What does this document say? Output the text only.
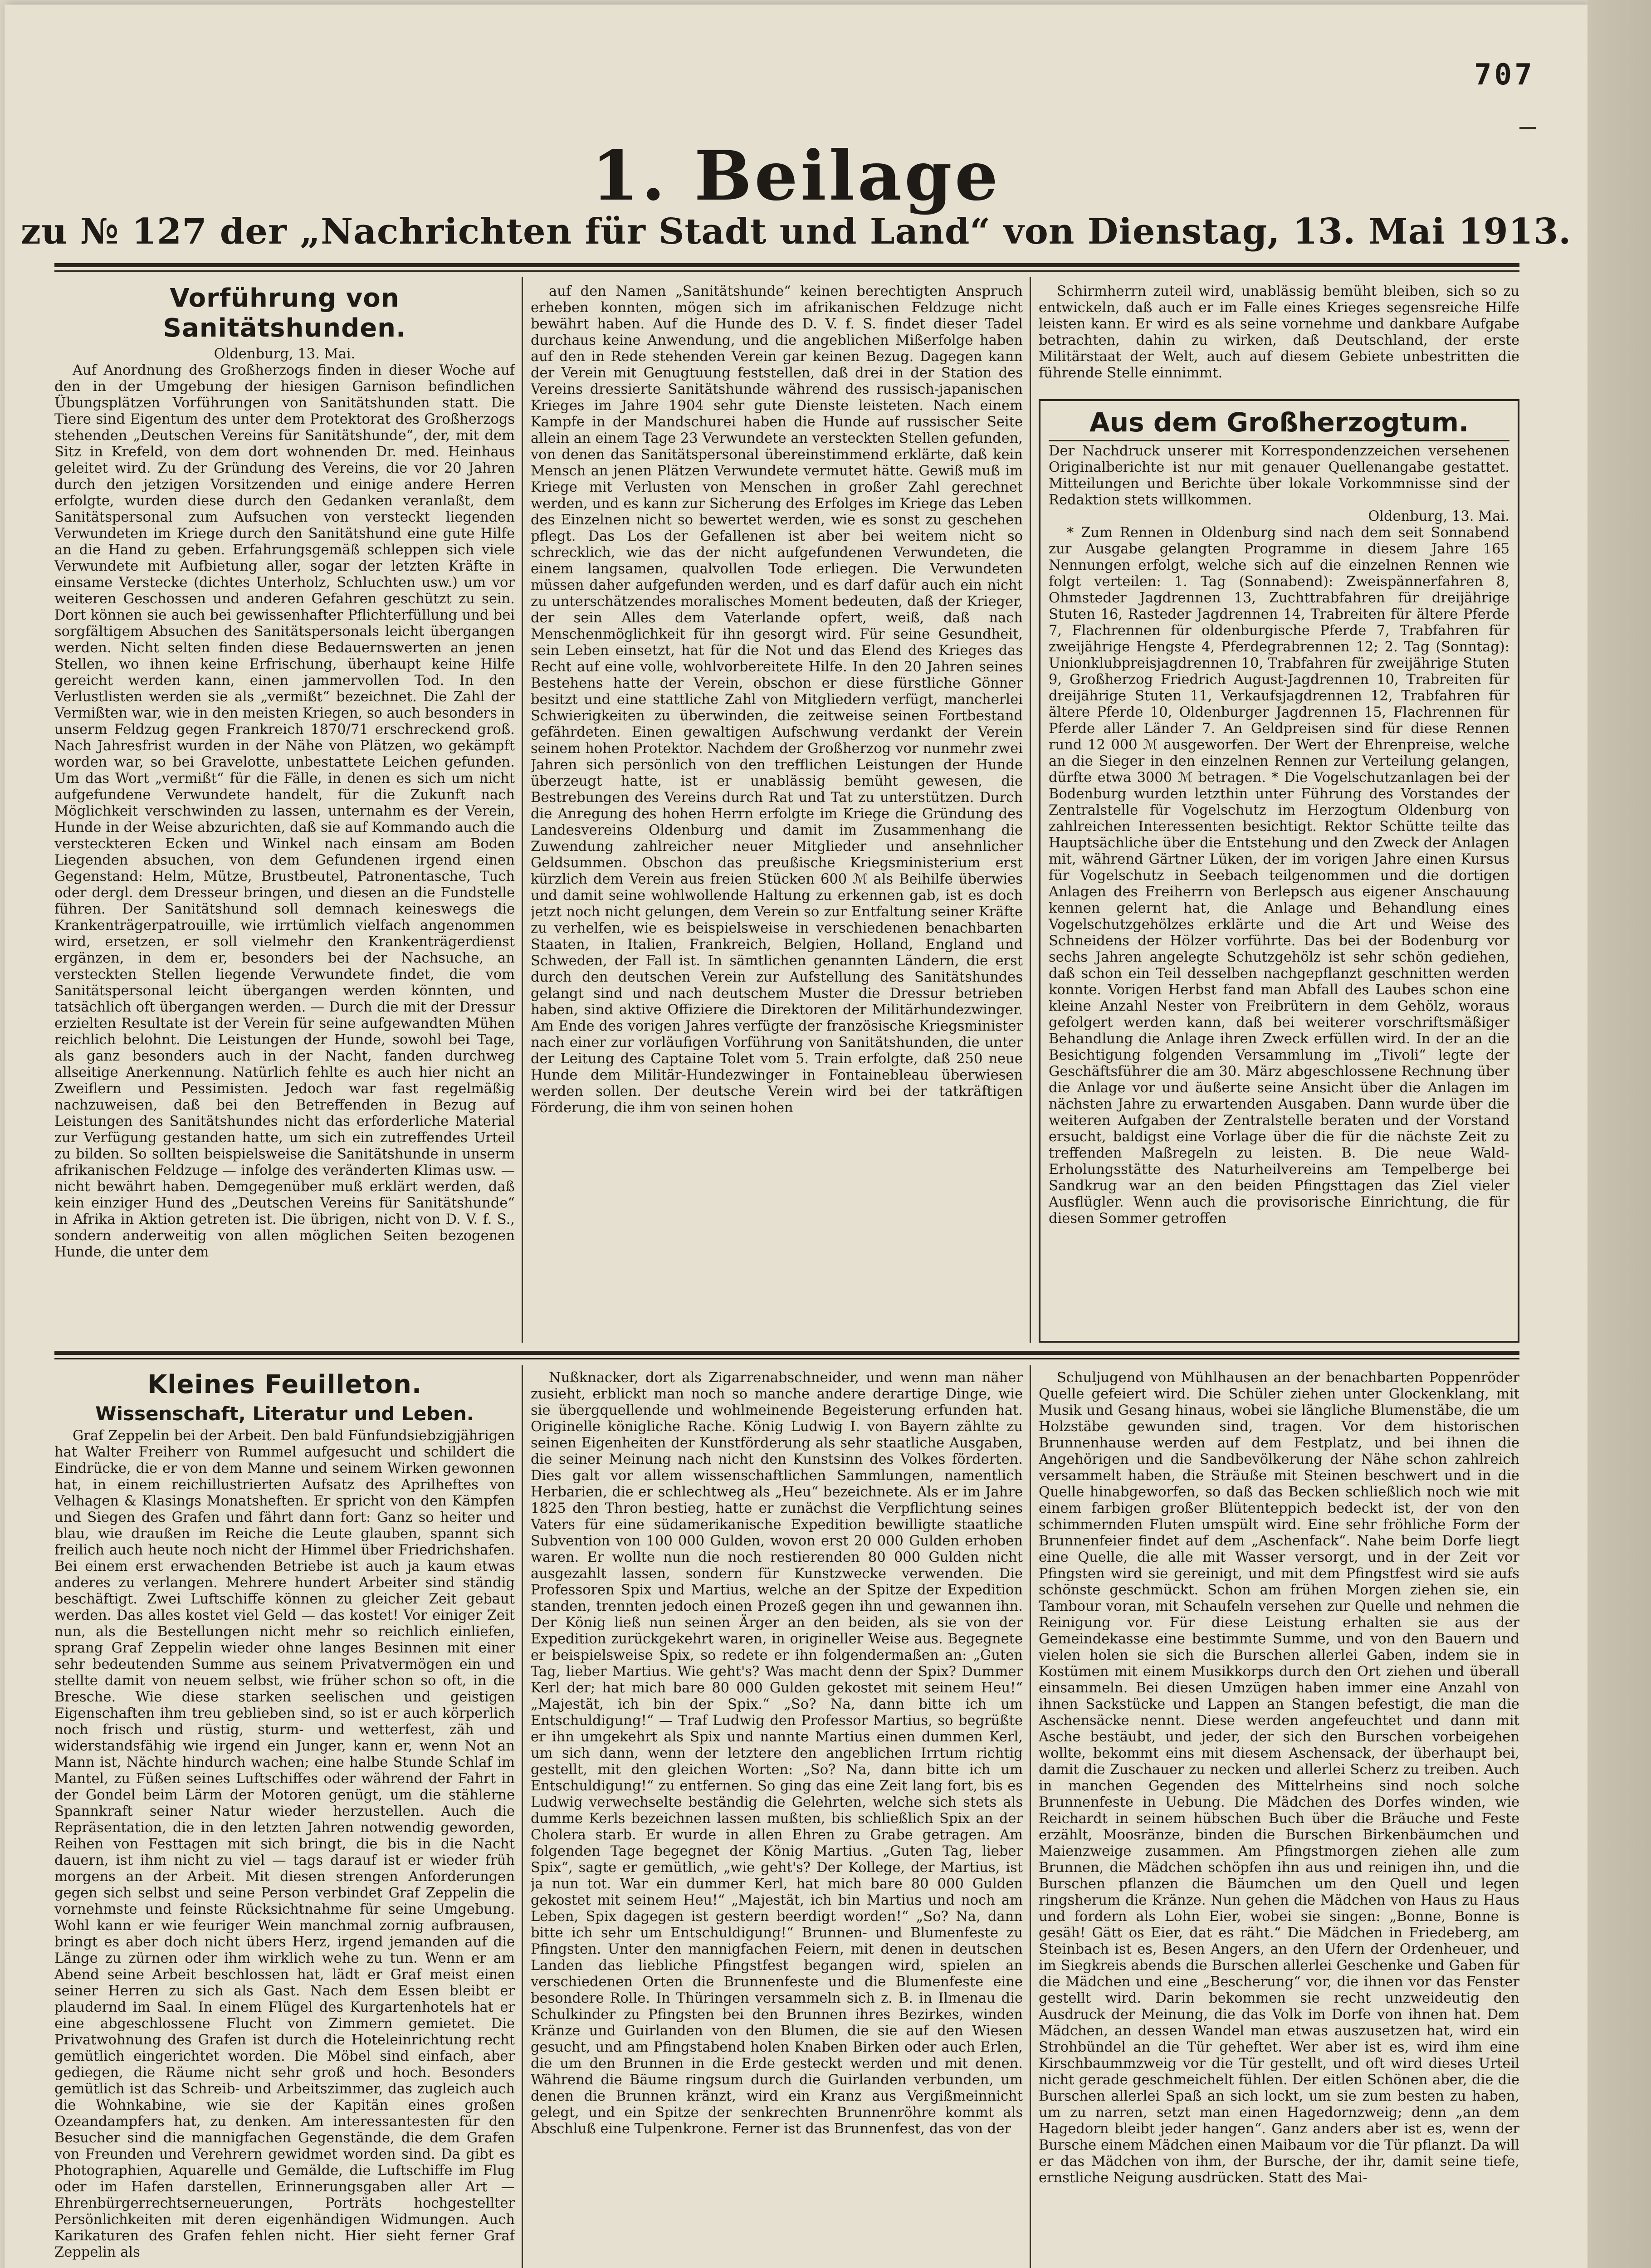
707
1. Beilage
zu № 127 der „Nachrichten für Stadt und Land“ von Dienstag, 13. Mai 1913.
Vorführung von Sanitätshunden.

Oldenburg, 13. Mai.

Auf Anordnung des Großherzogs finden in dieser Woche auf den in der Umgebung der hiesigen Garnison befindlichen Übungsplätzen Vorführungen von Sanitätshunden statt. Die Tiere sind Eigentum des unter dem Protektorat des Großherzogs stehenden „Deutschen Vereins für Sanitätshunde“, der, mit dem Sitz in Krefeld, von dem dort wohnenden Dr. med. Heinhaus geleitet wird. Zu der Gründung des Vereins, die vor 20 Jahren durch den jetzigen Vorsitzenden und einige andere Herren erfolgte, wurden diese durch den Gedanken veranlaßt, dem Sanitätspersonal zum Aufsuchen von versteckt liegenden Verwundeten im Kriege durch den Sanitätshund eine gute Hilfe an die Hand zu geben. Erfahrungsgemäß schleppen sich viele Verwundete mit Aufbietung aller, sogar der letzten Kräfte in einsame Verstecke (dichtes Unterholz, Schluchten usw.) um vor weiteren Geschossen und anderen Gefahren geschützt zu sein. Dort können sie auch bei gewissenhafter Pflichterfüllung und bei sorgfältigem Absuchen des Sanitätspersonals leicht übergangen werden. Nicht selten finden diese Bedauernswerten an jenen Stellen, wo ihnen keine Erfrischung, überhaupt keine Hilfe gereicht werden kann, einen jammervollen Tod. In den Verlustlisten werden sie als „vermißt“ bezeichnet. Die Zahl der Vermißten war, wie in den meisten Kriegen, so auch besonders in unserm Feldzug gegen Frankreich 1870/71 erschreckend groß. Nach Jahresfrist wurden in der Nähe von Plätzen, wo gekämpft worden war, so bei Gravelotte, unbestattete Leichen gefunden. Um das Wort „vermißt“ für die Fälle, in denen es sich um nicht aufgefundene Verwundete handelt, für die Zukunft nach Möglichkeit verschwinden zu lassen, unternahm es der Verein, Hunde in der Weise abzurichten, daß sie auf Kommando auch die versteckteren Ecken und Winkel nach einsam am Boden Liegenden absuchen, von dem Gefundenen irgend einen Gegenstand: Helm, Mütze, Brustbeutel, Patronentasche, Tuch oder dergl. dem Dresseur bringen, und diesen an die Fundstelle führen. Der Sanitätshund soll demnach keineswegs die Krankenträgerpatrouille, wie irrtümlich vielfach angenommen wird, ersetzen, er soll vielmehr den Krankenträgerdienst ergänzen, in dem er, besonders bei der Nachsuche, an versteckten Stellen liegende Verwundete findet, die vom Sanitätspersonal leicht übergangen werden könnten, und tatsächlich oft übergangen werden. — Durch die mit der Dressur erzielten Resultate ist der Verein für seine aufgewandten Mühen reichlich belohnt. Die Leistungen der Hunde, sowohl bei Tage, als ganz besonders auch in der Nacht, fanden durchweg allseitige Anerkennung. Natürlich fehlte es auch hier nicht an Zweiflern und Pessimisten. Jedoch war fast regelmäßig nachzuweisen, daß bei den Betreffenden in Bezug auf Leistungen des Sanitätshundes nicht das erforderliche Material zur Verfügung gestanden hatte, um sich ein zutreffendes Urteil zu bilden. So sollten beispielsweise die Sanitätshunde in unserm afrikanischen Feldzuge — infolge des veränderten Klimas usw. — nicht bewährt haben. Demgegenüber muß erklärt werden, daß kein einziger Hund des „Deutschen Vereins für Sanitätshunde“ in Afrika in Aktion getreten ist. Die übrigen, nicht von D. V. f. S., sondern anderweitig von allen möglichen Seiten bezogenen Hunde, die unter dem

auf den Namen „Sanitätshunde“ keinen berechtigten Anspruch erheben konnten, mögen sich im afrikanischen Feldzuge nicht bewährt haben. Auf die Hunde des D. V. f. S. findet dieser Tadel durchaus keine Anwendung, und die angeblichen Mißerfolge haben auf den in Rede stehenden Verein gar keinen Bezug. Dagegen kann der Verein mit Genugtuung feststellen, daß drei in der Station des Vereins dressierte Sanitätshunde während des russisch-japanischen Krieges im Jahre 1904 sehr gute Dienste leisteten. Nach einem Kampfe in der Mandschurei haben die Hunde auf russischer Seite allein an einem Tage 23 Verwundete an versteckten Stellen gefunden, von denen das Sanitätspersonal übereinstimmend erklärte, daß kein Mensch an jenen Plätzen Verwundete vermutet hätte. Gewiß muß im Kriege mit Verlusten von Menschen in großer Zahl gerechnet werden, und es kann zur Sicherung des Erfolges im Kriege das Leben des Einzelnen nicht so bewertet werden, wie es sonst zu geschehen pflegt. Das Los der Gefallenen ist aber bei weitem nicht so schrecklich, wie das der nicht aufgefundenen Verwundeten, die einem langsamen, qualvollen Tode erliegen. Die Verwundeten müssen daher aufgefunden werden, und es darf dafür auch ein nicht zu unterschätzendes moralisches Moment bedeuten, daß der Krieger, der sein Alles dem Vaterlande opfert, weiß, daß nach Menschenmöglichkeit für ihn gesorgt wird. Für seine Gesundheit, sein Leben einsetzt, hat für die Not und das Elend des Krieges das Recht auf eine volle, wohlvorbereitete Hilfe. In den 20 Jahren seines Bestehens hatte der Verein, obschon er diese fürstliche Gönner besitzt und eine stattliche Zahl von Mitgliedern verfügt, mancherlei Schwierigkeiten zu überwinden, die zeitweise seinen Fortbestand gefährdeten. Einen gewaltigen Aufschwung verdankt der Verein seinem hohen Protektor. Nachdem der Großherzog vor nunmehr zwei Jahren sich persönlich von den trefflichen Leistungen der Hunde überzeugt hatte, ist er unablässig bemüht gewesen, die Bestrebungen des Vereins durch Rat und Tat zu unterstützen. Durch die Anregung des hohen Herrn erfolgte im Kriege die Gründung des Landesvereins Oldenburg und damit im Zusammenhang die Zuwendung zahlreicher neuer Mitglieder und ansehnlicher Geldsummen. Obschon das preußische Kriegsministerium erst kürzlich dem Verein aus freien Stücken 600 ℳ als Beihilfe überwies und damit seine wohlwollende Haltung zu erkennen gab, ist es doch jetzt noch nicht gelungen, dem Verein so zur Entfaltung seiner Kräfte zu verhelfen, wie es beispielsweise in verschiedenen benachbarten Staaten, in Italien, Frankreich, Belgien, Holland, England und Schweden, der Fall ist. In sämtlichen genannten Ländern, die erst durch den deutschen Verein zur Aufstellung des Sanitätshundes gelangt sind und nach deutschem Muster die Dressur betrieben haben, sind aktive Offiziere die Direktoren der Militärhundezwinger. Am Ende des vorigen Jahres verfügte der französische Kriegsminister nach einer zur vorläufigen Vorführung von Sanitätshunden, die unter der Leitung des Captaine Tolet vom 5. Train erfolgte, daß 250 neue Hunde dem Militär-Hundezwinger in Fontainebleau überwiesen werden sollen. Der deutsche Verein wird bei der tatkräftigen Förderung, die ihm von seinen hohen

Schirmherrn zuteil wird, unablässig bemüht bleiben, sich so zu entwickeln, daß auch er im Falle eines Krieges segensreiche Hilfe leisten kann. Er wird es als seine vornehme und dankbare Aufgabe betrachten, dahin zu wirken, daß Deutschland, der erste Militärstaat der Welt, auch auf diesem Gebiete unbestritten die führende Stelle einnimmt.

Aus dem Großherzogtum.
Der Nachdruck unserer mit Korrespondenzzeichen versehenen Originalberichte ist nur mit genauer Quellenangabe gestattet. Mitteilungen und Berichte über lokale Vorkommnisse sind der Redaktion stets willkommen.

Oldenburg, 13. Mai.

* Zum Rennen in Oldenburg sind nach dem seit Sonnabend zur Ausgabe gelangten Programme in diesem Jahre 165 Nennungen erfolgt, welche sich auf die einzelnen Rennen wie folgt verteilen: 1. Tag (Sonnabend): Zweispännerfahren 8, Ohmsteder Jagdrennen 13, Zuchttrabfahren für dreijährige Stuten 16, Rasteder Jagdrennen 14, Trabreiten für ältere Pferde 7, Flachrennen für oldenburgische Pferde 7, Trabfahren für zweijährige Hengste 4, Pferdegrabrennen 12; 2. Tag (Sonntag): Unionklubpreisjagdrennen 10, Trabfahren für zweijährige Stuten 9, Großherzog Friedrich August-Jagdrennen 10, Trabreiten für dreijährige Stuten 11, Verkaufsjagdrennen 12, Trabfahren für ältere Pferde 10, Oldenburger Jagdrennen 15, Flachrennen für Pferde aller Länder 7. An Geldpreisen sind für diese Rennen rund 12 000 ℳ ausgeworfen. Der Wert der Ehrenpreise, welche an die Sieger in den einzelnen Rennen zur Verteilung gelangen, dürfte etwa 3000 ℳ betragen. * Die Vogelschutzanlagen bei der Bodenburg wurden letzthin unter Führung des Vorstandes der Zentralstelle für Vogelschutz im Herzogtum Oldenburg von zahlreichen Interessenten besichtigt. Rektor Schütte teilte das Hauptsächliche über die Entstehung und den Zweck der Anlagen mit, während Gärtner Lüken, der im vorigen Jahre einen Kursus für Vogelschutz in Seebach teilgenommen und die dortigen Anlagen des Freiherrn von Berlepsch aus eigener Anschauung kennen gelernt hat, die Anlage und Behandlung eines Vogelschutzgehölzes erklärte und die Art und Weise des Schneidens der Hölzer vorführte. Das bei der Bodenburg vor sechs Jahren angelegte Schutzgehölz ist sehr schön gediehen, daß schon ein Teil desselben nachgepflanzt geschnitten werden konnte. Vorigen Herbst fand man Abfall des Laubes schon eine kleine Anzahl Nester von Freibrütern in dem Gehölz, woraus gefolgert werden kann, daß bei weiterer vorschriftsmäßiger Behandlung die Anlage ihren Zweck erfüllen wird. In der an die Besichtigung folgenden Versammlung im „Tivoli“ legte der Geschäftsführer die am 30. März abgeschlossene Rechnung über die Anlage vor und äußerte seine Ansicht über die Anlagen im nächsten Jahre zu erwartenden Ausgaben. Dann wurde über die weiteren Aufgaben der Zentralstelle beraten und der Vorstand ersucht, baldigst eine Vorlage über die für die nächste Zeit zu treffenden Maßregeln zu leisten. B. Die neue Wald-Erholungsstätte des Naturheilvereins am Tempelberge bei Sandkrug war an den beiden Pfingsttagen das Ziel vieler Ausflügler. Wenn auch die provisorische Einrichtung, die für diesen Sommer getroffen

Kleines Feuilleton.
Wissenschaft, Literatur und Leben.

Graf Zeppelin bei der Arbeit. Den bald Fünfundsiebzigjährigen hat Walter Freiherr von Rummel aufgesucht und schildert die Eindrücke, die er von dem Manne und seinem Wirken gewonnen hat, in einem reichillustrierten Aufsatz des Aprilheftes von Velhagen & Klasings Monatsheften. Er spricht von den Kämpfen und Siegen des Grafen und fährt dann fort: Ganz so heiter und blau, wie draußen im Reiche die Leute glauben, spannt sich freilich auch heute noch nicht der Himmel über Friedrichshafen. Bei einem erst erwachenden Betriebe ist auch ja kaum etwas anderes zu verlangen. Mehrere hundert Arbeiter sind ständig beschäftigt. Zwei Luftschiffe können zu gleicher Zeit gebaut werden. Das alles kostet viel Geld — das kostet! Vor einiger Zeit nun, als die Bestellungen nicht mehr so reichlich einliefen, sprang Graf Zeppelin wieder ohne langes Besinnen mit einer sehr bedeutenden Summe aus seinem Privatvermögen ein und stellte damit von neuem selbst, wie früher schon so oft, in die Bresche. Wie diese starken seelischen und geistigen Eigenschaften ihm treu geblieben sind, so ist er auch körperlich noch frisch und rüstig, sturm- und wetterfest, zäh und widerstandsfähig wie irgend ein Junger, kann er, wenn Not an Mann ist, Nächte hindurch wachen; eine halbe Stunde Schlaf im Mantel, zu Füßen seines Luftschiffes oder während der Fahrt in der Gondel beim Lärm der Motoren genügt, um die stählerne Spannkraft seiner Natur wieder herzustellen. Auch die Repräsentation, die in den letzten Jahren notwendig geworden, Reihen von Festtagen mit sich bringt, die bis in die Nacht dauern, ist ihm nicht zu viel — tags darauf ist er wieder früh morgens an der Arbeit. Mit diesen strengen Anforderungen gegen sich selbst und seine Person verbindet Graf Zeppelin die vornehmste und feinste Rücksichtnahme für seine Umgebung. Wohl kann er wie feuriger Wein manchmal zornig aufbrausen, bringt es aber doch nicht übers Herz, irgend jemanden auf die Länge zu zürnen oder ihm wirklich wehe zu tun. Wenn er am Abend seine Arbeit beschlossen hat, lädt er Graf meist einen seiner Herren zu sich als Gast. Nach dem Essen bleibt er plaudernd im Saal. In einem Flügel des Kurgartenhotels hat er eine abgeschlossene Flucht von Zimmern gemietet. Die Privatwohnung des Grafen ist durch die Hoteleinrichtung recht gemütlich eingerichtet worden. Die Möbel sind einfach, aber gediegen, die Räume nicht sehr groß und hoch. Besonders gemütlich ist das Schreib- und Arbeitszimmer, das zugleich auch die Wohnkabine, wie sie der Kapitän eines großen Ozeandampfers hat, zu denken. Am interessantesten für den Besucher sind die mannigfachen Gegenstände, die dem Grafen von Freunden und Verehrern gewidmet worden sind. Da gibt es Photographien, Aquarelle und Gemälde, die Luftschiffe im Flug oder im Hafen darstellen, Erinnerungsgaben aller Art — Ehrenbürgerrechtserneuerungen, Porträts hochgestellter Persönlichkeiten mit deren eigenhändigen Widmungen. Auch Karikaturen des Grafen fehlen nicht. Hier sieht ferner Graf Zeppelin als

Nußknacker, dort als Zigarrenabschneider, und wenn man näher zusieht, erblickt man noch so manche andere derartige Dinge, wie sie übergquellende und wohlmeinende Begeisterung erfunden hat. Originelle königliche Rache. König Ludwig I. von Bayern zählte zu seinen Eigenheiten der Kunstförderung als sehr staatliche Ausgaben, die seiner Meinung nach nicht den Kunstsinn des Volkes förderten. Dies galt vor allem wissenschaftlichen Sammlungen, namentlich Herbarien, die er schlechtweg als „Heu“ bezeichnete. Als er im Jahre 1825 den Thron bestieg, hatte er zunächst die Verpflichtung seines Vaters für eine südamerikanische Expedition bewilligte staatliche Subvention von 100 000 Gulden, wovon erst 20 000 Gulden erhoben waren. Er wollte nun die noch restierenden 80 000 Gulden nicht ausgezahlt lassen, sondern für Kunstzwecke verwenden. Die Professoren Spix und Martius, welche an der Spitze der Expedition standen, trennten jedoch einen Prozeß gegen ihn und gewannen ihn. Der König ließ nun seinen Ärger an den beiden, als sie von der Expedition zurückgekehrt waren, in origineller Weise aus. Begegnete er beispielsweise Spix, so redete er ihn folgendermaßen an: „Guten Tag, lieber Martius. Wie geht's? Was macht denn der Spix? Dummer Kerl der; hat mich bare 80 000 Gulden gekostet mit seinem Heu!“ „Majestät, ich bin der Spix.“ „So? Na, dann bitte ich um Entschuldigung!“ — Traf Ludwig den Professor Martius, so begrüßte er ihn umgekehrt als Spix und nannte Martius einen dummen Kerl, um sich dann, wenn der letztere den angeblichen Irrtum richtig gestellt, mit den gleichen Worten: „So? Na, dann bitte ich um Entschuldigung!“ zu entfernen. So ging das eine Zeit lang fort, bis es Ludwig verwechselte beständig die Gelehrten, welche sich stets als dumme Kerls bezeichnen lassen mußten, bis schließlich Spix an der Cholera starb. Er wurde in allen Ehren zu Grabe getragen. Am folgenden Tage begegnet der König Martius. „Guten Tag, lieber Spix“, sagte er gemütlich, „wie geht's? Der Kollege, der Martius, ist ja nun tot. War ein dummer Kerl, hat mich bare 80 000 Gulden gekostet mit seinem Heu!“ „Majestät, ich bin Martius und noch am Leben, Spix dagegen ist gestern beerdigt worden!“ „So? Na, dann bitte ich sehr um Entschuldigung!“ Brunnen- und Blumenfeste zu Pfingsten. Unter den mannigfachen Feiern, mit denen in deutschen Landen das liebliche Pfingstfest begangen wird, spielen an verschiedenen Orten die Brunnenfeste und die Blumenfeste eine besondere Rolle. In Thüringen versammeln sich z. B. in Ilmenau die Schulkinder zu Pfingsten bei den Brunnen ihres Bezirkes, winden Kränze und Guirlanden von den Blumen, die sie auf den Wiesen gesucht, und am Pfingstabend holen Knaben Birken oder auch Erlen, die um den Brunnen in die Erde gesteckt werden und mit denen. Während die Bäume ringsum durch die Guirlanden verbunden, um denen die Brunnen kränzt, wird ein Kranz aus Vergißmeinnicht gelegt, und ein Spitze der senkrechten Brunnenröhre kommt als Abschluß eine Tulpenkrone. Ferner ist das Brunnenfest, das von der

Schuljugend von Mühlhausen an der benachbarten Poppenröder Quelle gefeiert wird. Die Schüler ziehen unter Glockenklang, mit Musik und Gesang hinaus, wobei sie längliche Blumenstäbe, die um Holzstäbe gewunden sind, tragen. Vor dem historischen Brunnenhause werden auf dem Festplatz, und bei ihnen die Angehörigen und die Sandbevölkerung der Nähe schon zahlreich versammelt haben, die Sträuße mit Steinen beschwert und in die Quelle hinabgeworfen, so daß das Becken schließlich noch wie mit einem farbigen großer Blütenteppich bedeckt ist, der von den schimmernden Fluten umspült wird. Eine sehr fröhliche Form der Brunnenfeier findet auf dem „Aschenfack“. Nahe beim Dorfe liegt eine Quelle, die alle mit Wasser versorgt, und in der Zeit vor Pfingsten wird sie gereinigt, und mit dem Pfingstfest wird sie aufs schönste geschmückt. Schon am frühen Morgen ziehen sie, ein Tambour voran, mit Schaufeln versehen zur Quelle und nehmen die Reinigung vor. Für diese Leistung erhalten sie aus der Gemeindekasse eine bestimmte Summe, und von den Bauern und vielen holen sie sich die Burschen allerlei Gaben, indem sie in Kostümen mit einem Musikkorps durch den Ort ziehen und überall einsammeln. Bei diesen Umzügen haben immer eine Anzahl von ihnen Sackstücke und Lappen an Stangen befestigt, die man die Aschensäcke nennt. Diese werden angefeuchtet und dann mit Asche bestäubt, und jeder, der sich den Burschen vorbeigehen wollte, bekommt eins mit diesem Aschensack, der überhaupt bei, damit die Zuschauer zu necken und allerlei Scherz zu treiben. Auch in manchen Gegenden des Mittelrheins sind noch solche Brunnenfeste in Uebung. Die Mädchen des Dorfes winden, wie Reichardt in seinem hübschen Buch über die Bräuche und Feste erzählt, Moosränze, binden die Burschen Birkenbäumchen und Maienzweige zusammen. Am Pfingstmorgen ziehen alle zum Brunnen, die Mädchen schöpfen ihn aus und reinigen ihn, und die Burschen pflanzen die Bäumchen um den Quell und legen ringsherum die Kränze. Nun gehen die Mädchen von Haus zu Haus und fordern als Lohn Eier, wobei sie singen: „Bonne, Bonne is gesäh! Gätt os Eier, dat es räht.“ Die Mädchen in Friedeberg, am Steinbach ist es, Besen Angers, an den Ufern der Ordenheuer, und im Siegkreis abends die Burschen allerlei Geschenke und Gaben für die Mädchen und eine „Bescherung“ vor, die ihnen vor das Fenster gestellt wird. Darin bekommen sie recht unzweideutig den Ausdruck der Meinung, die das Volk im Dorfe von ihnen hat. Dem Mädchen, an dessen Wandel man etwas auszusetzen hat, wird ein Strohbündel an die Tür geheftet. Wer aber ist es, wird ihm eine Kirschbaummzweig vor die Tür gestellt, und oft wird dieses Urteil nicht gerade geschmeichelt fühlen. Der eitlen Schönen aber, die die Burschen allerlei Spaß an sich lockt, um sie zum besten zu haben, um zu narren, setzt man einen Hagedornzweig; denn „an dem Hagedorn bleibt jeder hangen“. Ganz anders aber ist es, wenn der Bursche einem Mädchen einen Maibaum vor die Tür pflanzt. Da will er das Mädchen von ihm, der Bursche, der ihr, damit seine tiefe, ernstliche Neigung ausdrücken. Statt des Mai-
